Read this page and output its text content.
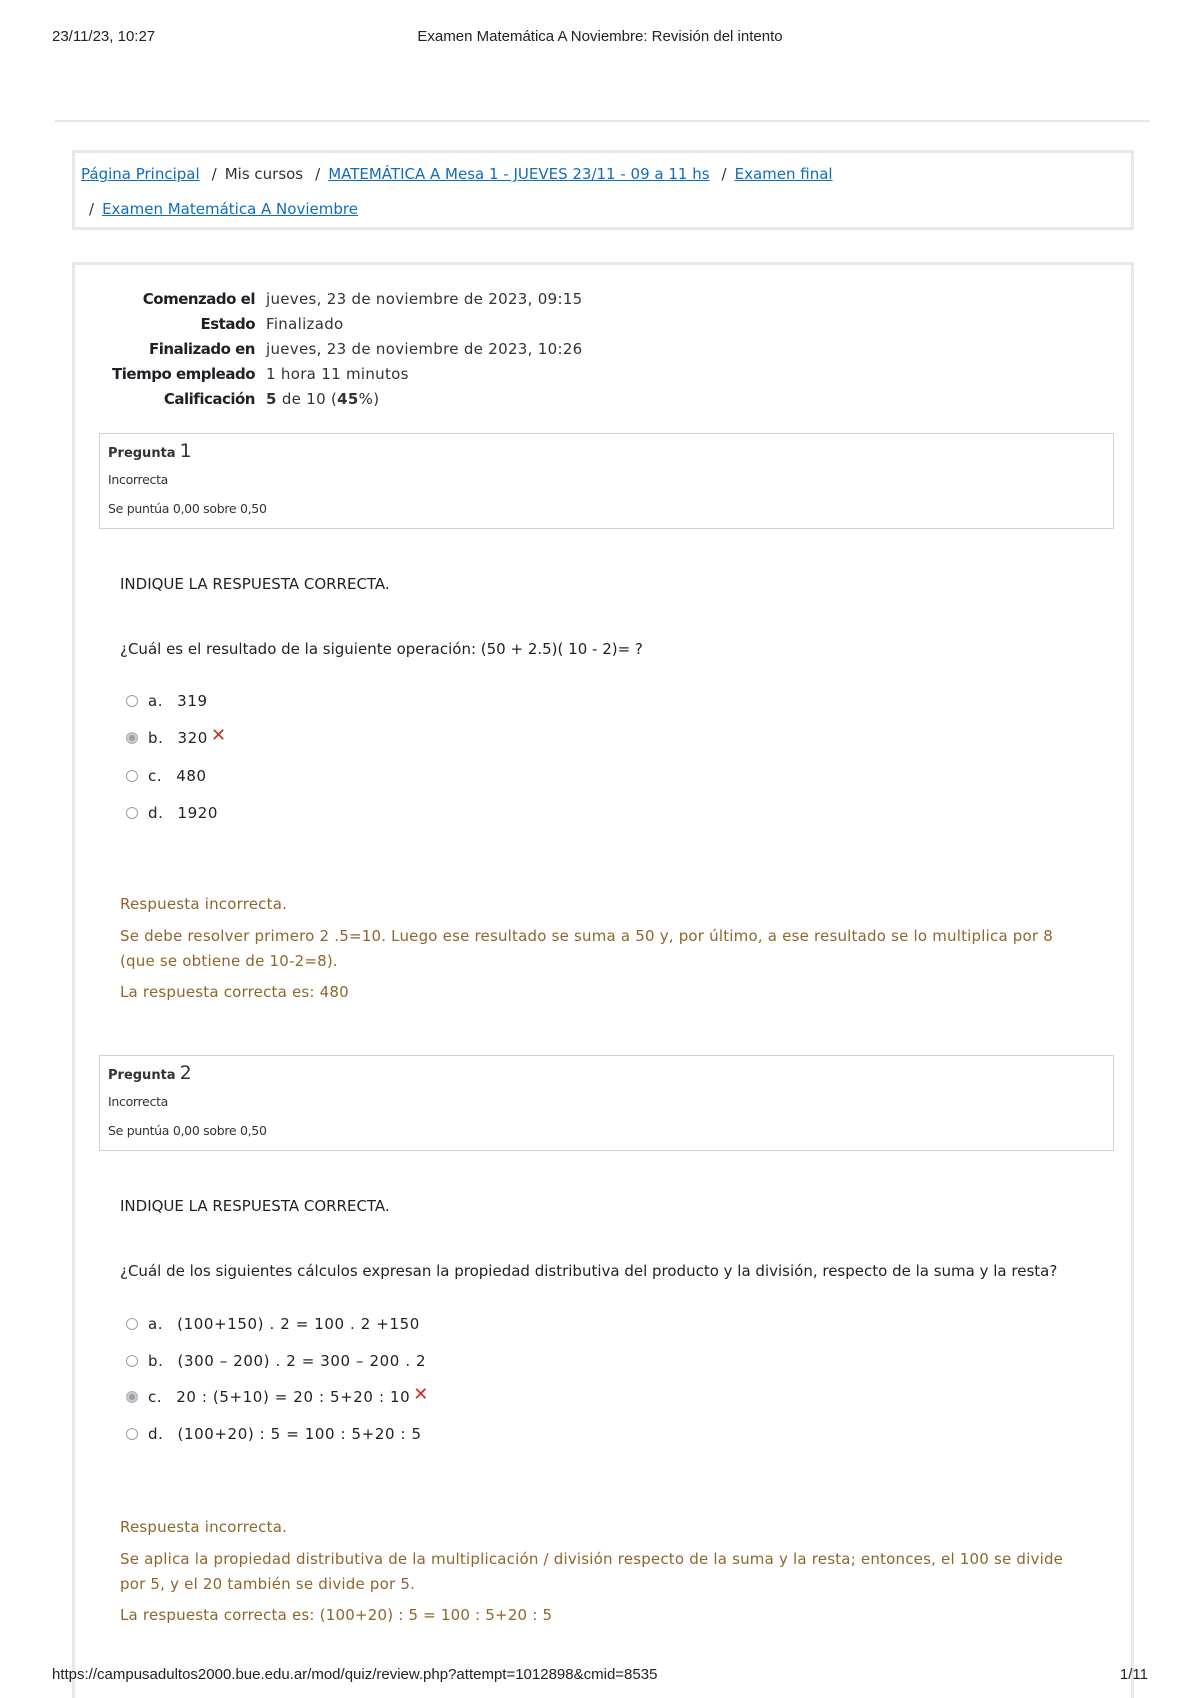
23/11/23, 10:27	Examen Matemática A Noviembre: Revisión del intento
Página Principal / Mis cursos / MATEMÁTICA A Mesa 1 - JUEVES 23/11 - 09 a 11 hs / Examen final
/ Examen Matemática A Noviembre
Comenzado el jueves, 23 de noviembre de 2023, 09:15
Estado Finalizado
Finalizado en jueves, 23 de noviembre de 2023, 10:26
Tiempo empleado 1 hora 11 minutos
Calificación 5 de 10 (45%)
Pregunta 1
Incorrecta
Se puntúa 0,00 sobre 0,50
INDIQUE LA RESPUESTA CORRECTA.
¿Cuál es el resultado de la siguiente operación: (50 + 2.5)( 10 - 2)= ?
a. 319
b. 320 ✕
c. 480
d. 1920
Respuesta incorrecta.
Se debe resolver primero 2 .5=10. Luego ese resultado se suma a 50 y, por último, a ese resultado se lo multiplica por 8 (que se obtiene de 10-2=8).
La respuesta correcta es: 480
Pregunta 2
Incorrecta
Se puntúa 0,00 sobre 0,50
INDIQUE LA RESPUESTA CORRECTA.
¿Cuál de los siguientes cálculos expresan la propiedad distributiva del producto y la división, respecto de la suma y la resta?
a. (100+150) . 2 = 100 . 2 +150
b. (300 – 200) . 2 = 300 – 200 . 2
c. 20 : (5+10) = 20 : 5+20 : 10 ✕
d. (100+20) : 5 = 100 : 5+20 : 5
Respuesta incorrecta.
Se aplica la propiedad distributiva de la multiplicación / división respecto de la suma y la resta; entonces, el 100 se divide por 5, y el 20 también se divide por 5.
La respuesta correcta es: (100+20) : 5 = 100 : 5+20 : 5
https://campusadultos2000.bue.edu.ar/mod/quiz/review.php?attempt=1012898&cmid=8535	1/11
